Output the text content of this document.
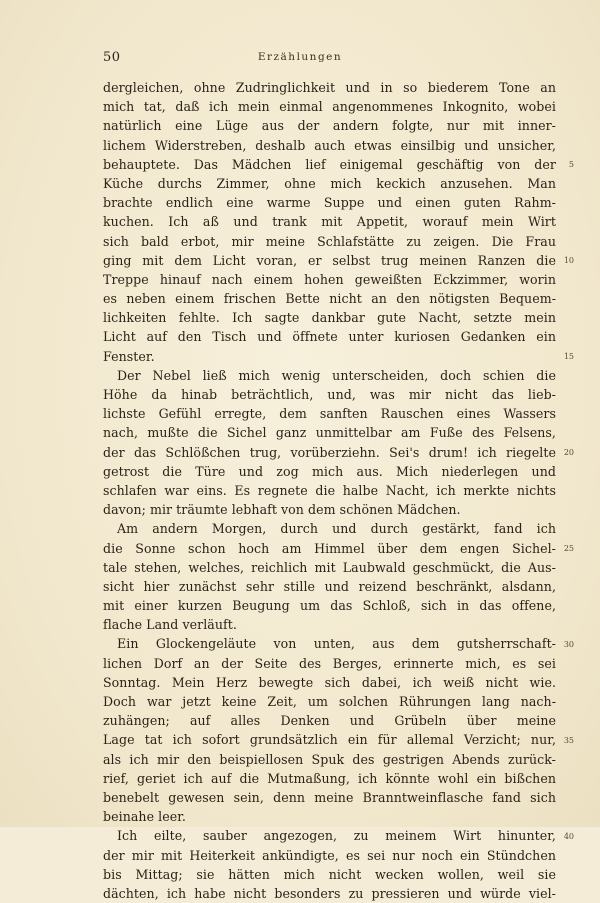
50	Erzählungen
dergleichen, ohne Zudringlichkeit und in so biederem Tone an
mich tat, daß ich mein einmal angenommenes Inkognito, wobei
natürlich eine Lüge aus der andern folgte, nur mit inner-
lichem Widerstreben, deshalb auch etwas einsilbig und unsicher,
behauptete. Das Mädchen lief einigemal geschäftig von der
Küche durchs Zimmer, ohne mich keckich anzusehen. Man
brachte endlich eine warme Suppe und einen guten Rahm-
kuchen. Ich aß und trank mit Appetit, worauf mein Wirt
sich bald erbot, mir meine Schlafstätte zu zeigen. Die Frau
ging mit dem Licht voran, er selbst trug meinen Ranzen die
Treppe hinauf nach einem hohen geweißten Eckzimmer, worin
es neben einem frischen Bette nicht an den nötigsten Bequem-
lichkeiten fehlte. Ich sagte dankbar gute Nacht, setzte mein
Licht auf den Tisch und öffnete unter kuriosen Gedanken ein
Fenster.
Der Nebel ließ mich wenig unterscheiden, doch schien die
Höhe da hinab beträchtlich, und, was mir nicht das lieb-
lichste Gefühl erregte, dem sanften Rauschen eines Wassers
nach, mußte die Sichel ganz unmittelbar am Fuße des Felsens,
der das Schlößchen trug, vorüberziehn. Sei's drum! ich riegelte
getrost die Türe und zog mich aus. Mich niederlegen und
schlafen war eins. Es regnete die halbe Nacht, ich merkte nichts
davon; mir träumte lebhaft von dem schönen Mädchen.
Am andern Morgen, durch und durch gestärkt, fand ich
die Sonne schon hoch am Himmel über dem engen Sichel-
tale stehen, welches, reichlich mit Laubwald geschmückt, die Aus-
sicht hier zunächst sehr stille und reizend beschränkt, alsdann,
mit einer kurzen Beugung um das Schloß, sich in das offene,
flache Land verläuft.
Ein Glockengeläute von unten, aus dem gutsherrschaft-
lichen Dorf an der Seite des Berges, erinnerte mich, es sei
Sonntag. Mein Herz bewegte sich dabei, ich weiß nicht wie.
Doch war jetzt keine Zeit, um solchen Rührungen lang nach-
zuhängen; auf alles Denken und Grübeln über meine
Lage tat ich sofort grundsätzlich ein für allemal Verzicht; nur,
als ich mir den beispiellosen Spuk des gestrigen Abends zurück-
rief, geriet ich auf die Mutmaßung, ich könnte wohl ein bißchen
benebelt gewesen sein, denn meine Branntweinflasche fand sich
beinahe leer.
Ich eilte, sauber angezogen, zu meinem Wirt hinunter,
der mir mit Heiterkeit ankündigte, es sei nur noch ein Stündchen
bis Mittag; sie hätten mich nicht wecken wollen, weil sie
dächten, ich habe nicht besonders zu pressieren und würde viel-
5
10
15
20
25
30
35
40
